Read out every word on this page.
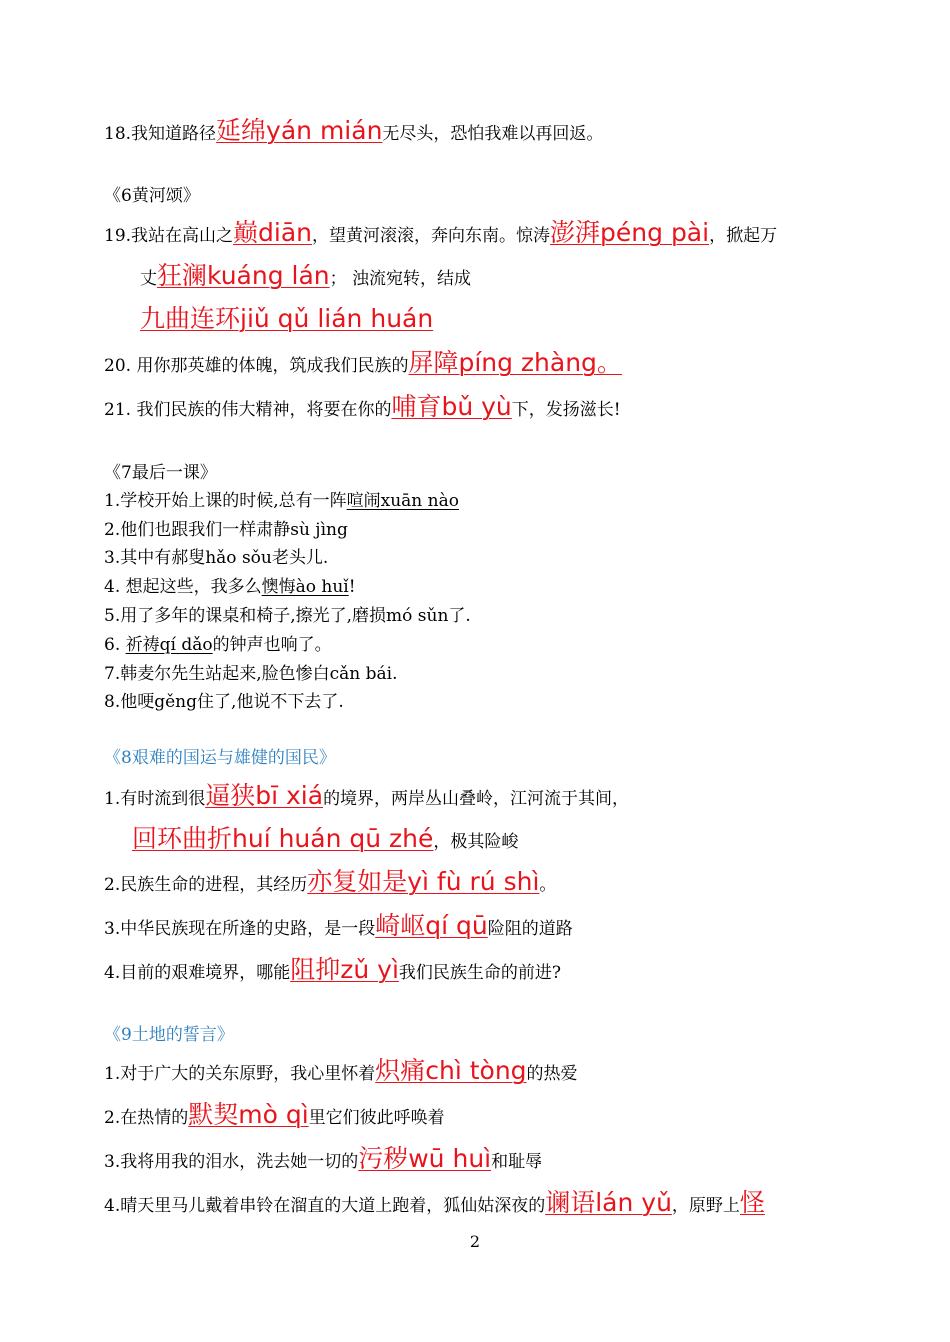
18.我知道路径延绵yán mián无尽头，恐怕我难以再回返。
《6黄河颂》
19.我站在高山之巅diān，望黄河滚滚，奔向东南。惊涛澎湃péng pài，掀起万
丈狂澜kuáng lán； 浊流宛转，结成
九曲连环jiǔ qǔ lián huán
20. 用你那英雄的体魄，筑成我们民族的屏障píng zhàng。
21. 我们民族的伟大精神，将要在你的哺育bǔ yù下，发扬滋长!
《7最后一课》
1.学校开始上课的时候,总有一阵喧闹xuān nào
2.他们也跟我们一样肃静sù jìng
3.其中有郝叟hǎo sǒu老头儿.
4. 想起这些，我多么懊悔ào huǐ!
5.用了多年的课桌和椅子,擦光了,磨损mó sǔn了.
6. 祈祷qí dǎo的钟声也响了。
7.韩麦尔先生站起来,脸色惨白cǎn bái.
8.他哽gěng住了,他说不下去了.
《8艰难的国运与雄健的国民》
1.有时流到很逼狭bī xiá的境界，两岸丛山叠岭，江河流于其间，
回环曲折huí huán qū zhé，极其险峻
2.民族生命的进程，其经历亦复如是yì fù rú shì。
3.中华民族现在所逢的史路，是一段崎岖qí qū险阻的道路
4.目前的艰难境界，哪能阻抑zǔ yì我们民族生命的前进?
《9土地的誓言》
1.对于广大的关东原野，我心里怀着炽痛chì tòng的热爱
2.在热情的默契mò qì里它们彼此呼唤着
3.我将用我的泪水，洗去她一切的污秽wū huì和耻辱
4.晴天里马儿戴着串铃在溜直的大道上跑着，狐仙姑深夜的谰语lán yǔ，原野上怪
2
